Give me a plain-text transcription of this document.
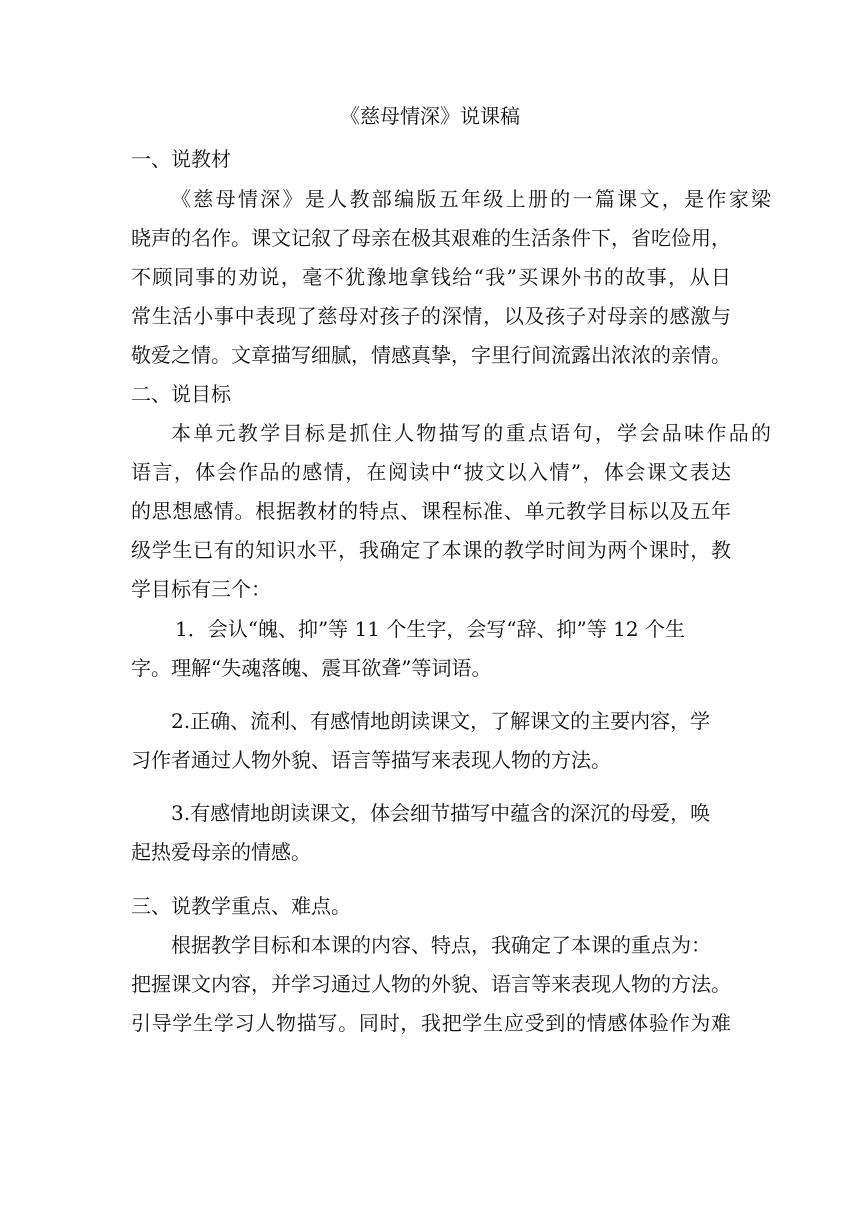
《慈母情深》说课稿
一、说教材
《慈母情深》是人教部编版五年级上册的一篇课文，是作家梁
晓声的名作。课文记叙了母亲在极其艰难的生活条件下，省吃俭用，
不顾同事的劝说，毫不犹豫地拿钱给“我”买课外书的故事，从日
常生活小事中表现了慈母对孩子的深情，以及孩子对母亲的感激与
敬爱之情。文章描写细腻，情感真挚，字里行间流露出浓浓的亲情。
二、说目标
本单元教学目标是抓住人物描写的重点语句，学会品味作品的
语言，体会作品的感情，在阅读中“披文以入情”，体会课文表达
的思想感情。根据教材的特点、课程标准、单元教学目标以及五年
级学生已有的知识水平，我确定了本课的教学时间为两个课时，教
学目标有三个：
1．会认“魄、抑”等 11 个生字，会写“辞、抑”等 12 个生
字。理解“失魂落魄、震耳欲聋”等词语。
2.正确、流利、有感情地朗读课文，了解课文的主要内容，学
习作者通过人物外貌、语言等描写来表现人物的方法。
3.有感情地朗读课文，体会细节描写中蕴含的深沉的母爱，唤
起热爱母亲的情感。
三、说教学重点、难点。
根据教学目标和本课的内容、特点，我确定了本课的重点为：
把握课文内容，并学习通过人物的外貌、语言等来表现人物的方法。
引导学生学习人物描写。同时，我把学生应受到的情感体验作为难
